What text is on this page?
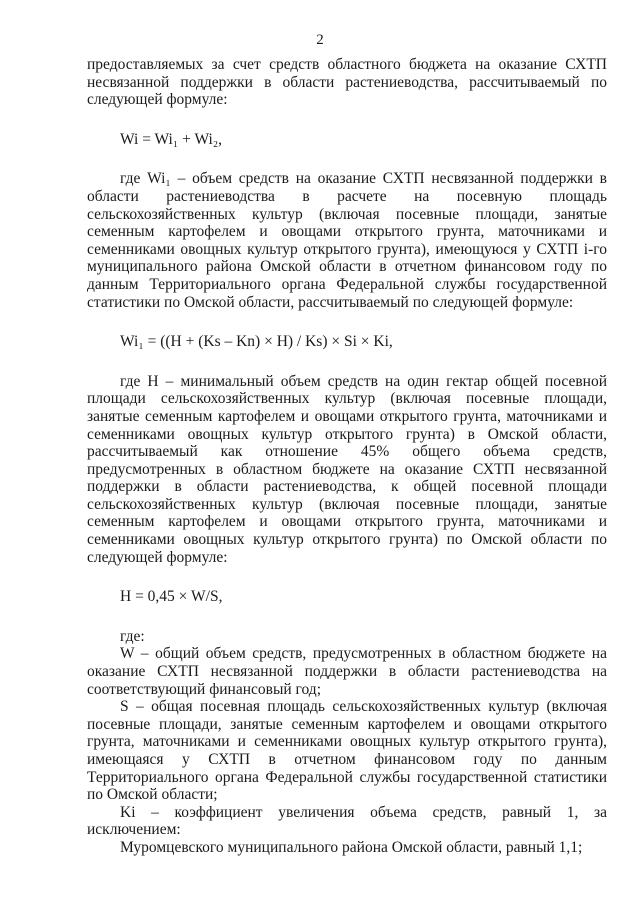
2

предоставляемых за счет средств областного бюджета на оказание СХТП несвязанной поддержки в области растениеводства, рассчитываемый по следующей формуле:

Wi = Wi₁ + Wi₂,

где Wi₁ – объем средств на оказание СХТП несвязанной поддержки в области растениеводства в расчете на посевную площадь сельскохозяйственных культур (включая посевные площади, занятые семенным картофелем и овощами открытого грунта, маточниками и семенниками овощных культур открытого грунта), имеющуюся у СХТП i-го муниципального района Омской области в отчетном финансовом году по данным Территориального органа Федеральной службы государственной статистики по Омской области, рассчитываемый по следующей формуле:

Wi₁ = ((H + (Ks – Kn) × H) / Ks) × Si × Ki,

где H – минимальный объем средств на один гектар общей посевной площади сельскохозяйственных культур (включая посевные площади, занятые семенным картофелем и овощами открытого грунта, маточниками и семенниками овощных культур открытого грунта) в Омской области, рассчитываемый как отношение 45% общего объема средств, предусмотренных в областном бюджете на оказание СХТП несвязанной поддержки в области растениеводства, к общей посевной площади сельскохозяйственных культур (включая посевные площади, занятые семенным картофелем и овощами открытого грунта, маточниками и семенниками овощных культур открытого грунта) по Омской области по следующей формуле:

H = 0,45 × W/S,

где:

W – общий объем средств, предусмотренных в областном бюджете на оказание СХТП несвязанной поддержки в области растениеводства на соответствующий финансовый год;

S – общая посевная площадь сельскохозяйственных культур (включая посевные площади, занятые семенным картофелем и овощами открытого грунта, маточниками и семенниками овощных культур открытого грунта), имеющаяся у СХТП в отчетном финансовом году по данным Территориального органа Федеральной службы государственной статистики по Омской области;

Ki – коэффициент увеличения объема средств, равный 1, за исключением:

Муромцевского муниципального района Омской области, равный 1,1;
